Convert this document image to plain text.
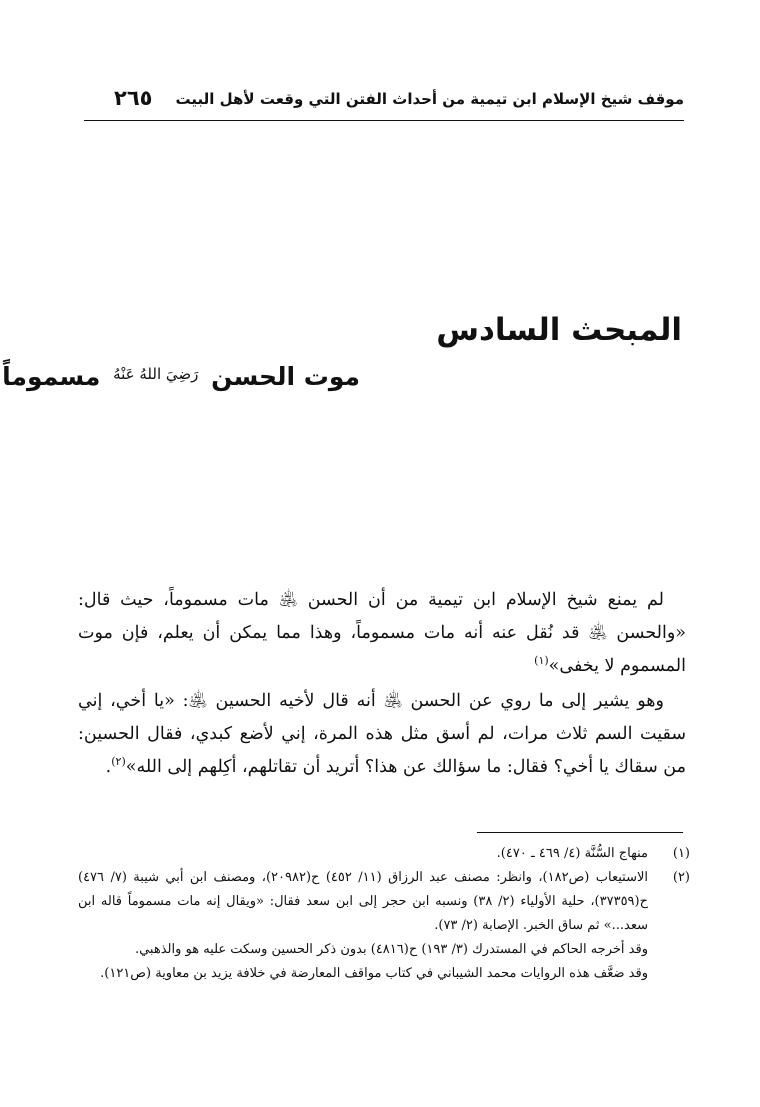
موقف شيخ الإسلام ابن تيمية من أحداث الفتن التي وقعت لأهل البيت
٢٦٥
المبحث السادس
موت الحسن $^{رَضِيَ اللهُ عَنْهُ}$ مسموماً

لم يمنع شيخ الإسلام ابن تيمية من أن الحسن ﵁ مات مسموماً، حيث قال: «والحسن ﵁ قد نُقل عنه أنه مات مسموماً، وهذا مما يمكن أن يعلم، فإن موت المسموم لا يخفى»$^{(١)}$

وهو يشير إلى ما روي عن الحسن ﵁ أنه قال لأخيه الحسين ﵁: «يا أخي، إني سقيت السم ثلاث مرات، لم أسق مثل هذه المرة، إني لأضع كبدي، فقال الحسين: من سقاك يا أخي؟ فقال: ما سؤالك عن هذا؟ أتريد أن تقاتلهم، أكِلهم إلى الله»$^{(٢)}$.

(١)
منهاج السُّنَّة (٤/ ٤٦٩ ـ ٤٧٠).
(٢)
الاستيعاب (ص١٨٢)، وانظر: مصنف عبد الرزاق (١١/ ٤٥٢) ح(٢٠٩٨٢)، ومصنف ابن أبي شيبة (٧/ ٤٧٦) ح(٣٧٣٥٩)، حلية الأولياء (٢/ ٣٨) ونسبه ابن حجر إلى ابن سعد فقال: «ويقال إنه مات مسموماً قاله ابن سعد...» ثم ساق الخبر. الإصابة (٢/ ٧٣).
وقد أخرجه الحاكم في المستدرك (٣/ ١٩٣) ح(٤٨١٦) بدون ذكر الحسين وسكت عليه هو والذهبي.
وقد ضعَّف هذه الروايات محمد الشيباني في كتاب مواقف المعارضة في خلافة يزيد بن معاوية (ص١٢١).
